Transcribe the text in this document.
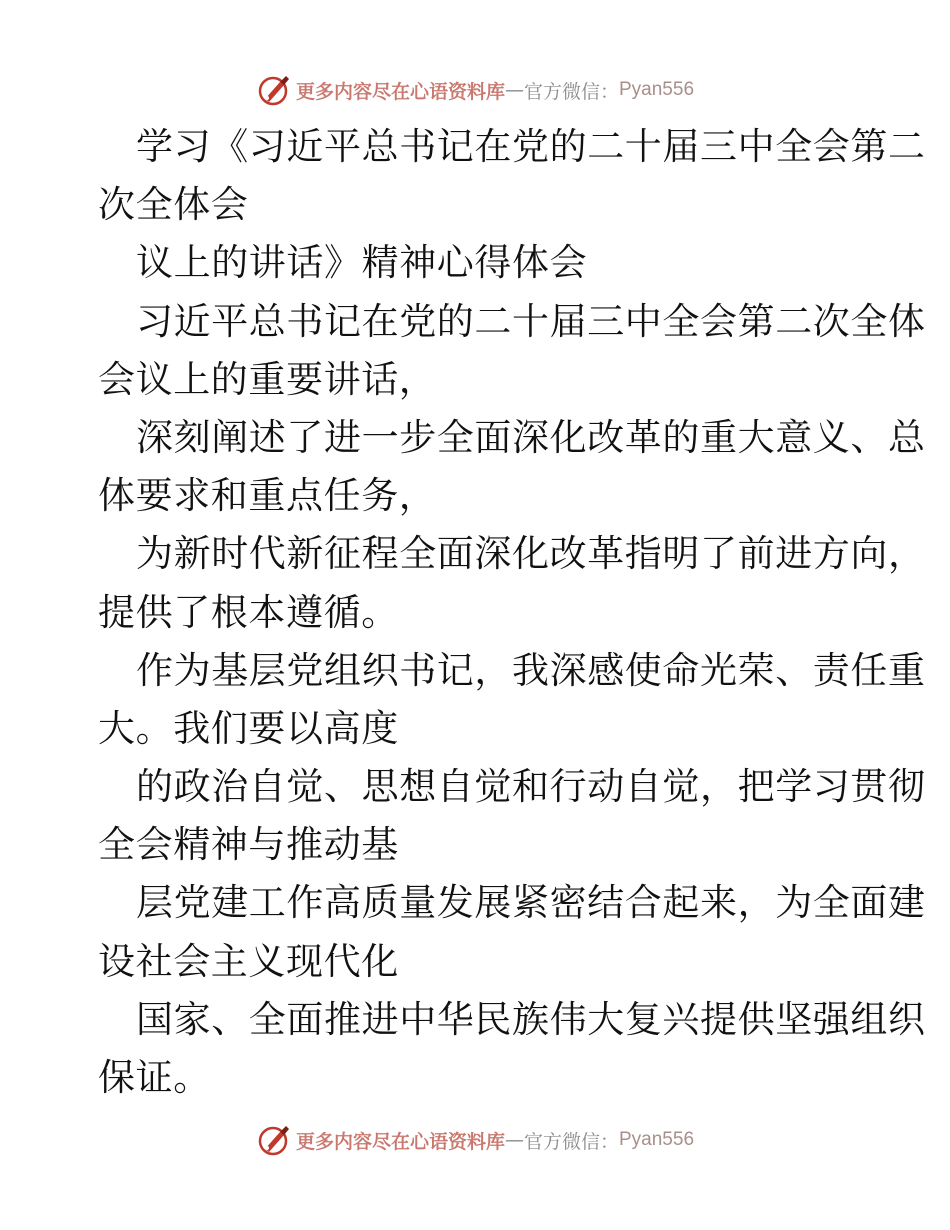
更多内容尽在心语资料库 — 官方微信： Pyan556
学习《习近平总书记在党的二十届三中全会第二
次全体会
议上的讲话》精神心得体会
习近平总书记在党的二十届三中全会第二次全体
会议上的重要讲话，
深刻阐述了进一步全面深化改革的重大意义、总
体要求和重点任务，
为新时代新征程全面深化改革指明了前进方向，
提供了根本遵循。
作为基层党组织书记，我深感使命光荣、责任重
大。我们要以高度
的政治自觉、思想自觉和行动自觉，把学习贯彻
全会精神与推动基
层党建工作高质量发展紧密结合起来，为全面建
设社会主义现代化
国家、全面推进中华民族伟大复兴提供坚强组织
保证。
更多内容尽在心语资料库 — 官方微信： Pyan556
